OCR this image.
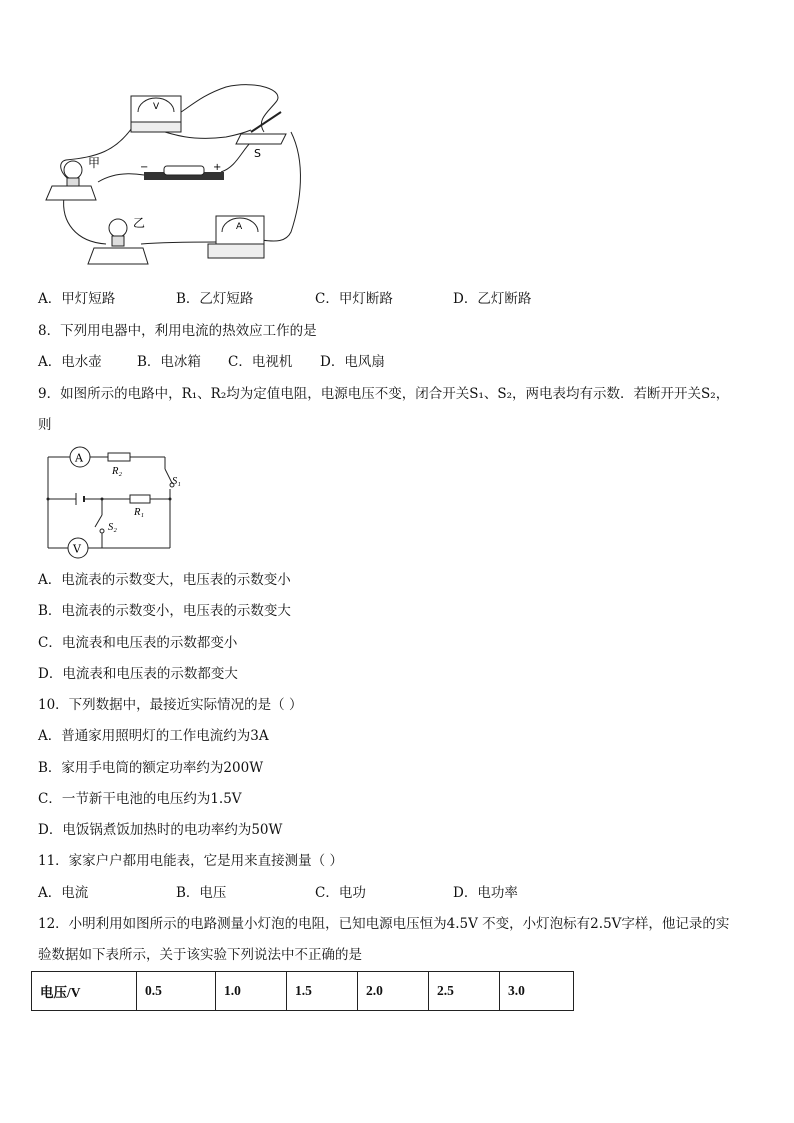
V
S
−	+
甲
乙	A
A．甲灯短路	B．乙灯短路	C．甲灯断路	D．乙灯断路
8．下列用电器中，利用电流的热效应工作的是
A．电水壶	B．电冰箱 C．电视机 D．电风扇
9．如图所示的电路中，R₁、R₂均为定值电阻，电源电压不变，闭合开关S₁、S₂，两电表均有示数．若断开开关S₂，
则
A
V
R₂
R₁
S₁
S₂
A．电流表的示数变大，电压表的示数变小
B．电流表的示数变小，电压表的示数变大
C．电流表和电压表的示数都变小
D．电流表和电压表的示数都变大
10．下列数据中，最接近实际情况的是（ ）
A．普通家用照明灯的工作电流约为3A
B．家用手电筒的额定功率约为200W
C．一节新干电池的电压约为1.5V
D．电饭锅煮饭加热时的电功率约为50W
11．家家户户都用电能表，它是用来直接测量（ ）
A．电流	B．电压	C．电功	D．电功率
12．小明利用如图所示的电路测量小灯泡的电阻，已知电源电压恒为4.5V 不变，小灯泡标有2.5V字样，他记录的实
验数据如下表所示，关于该实验下列说法中不正确的是
电压/V	0.5	1.0	1.5	2.0	2.5	3.0
